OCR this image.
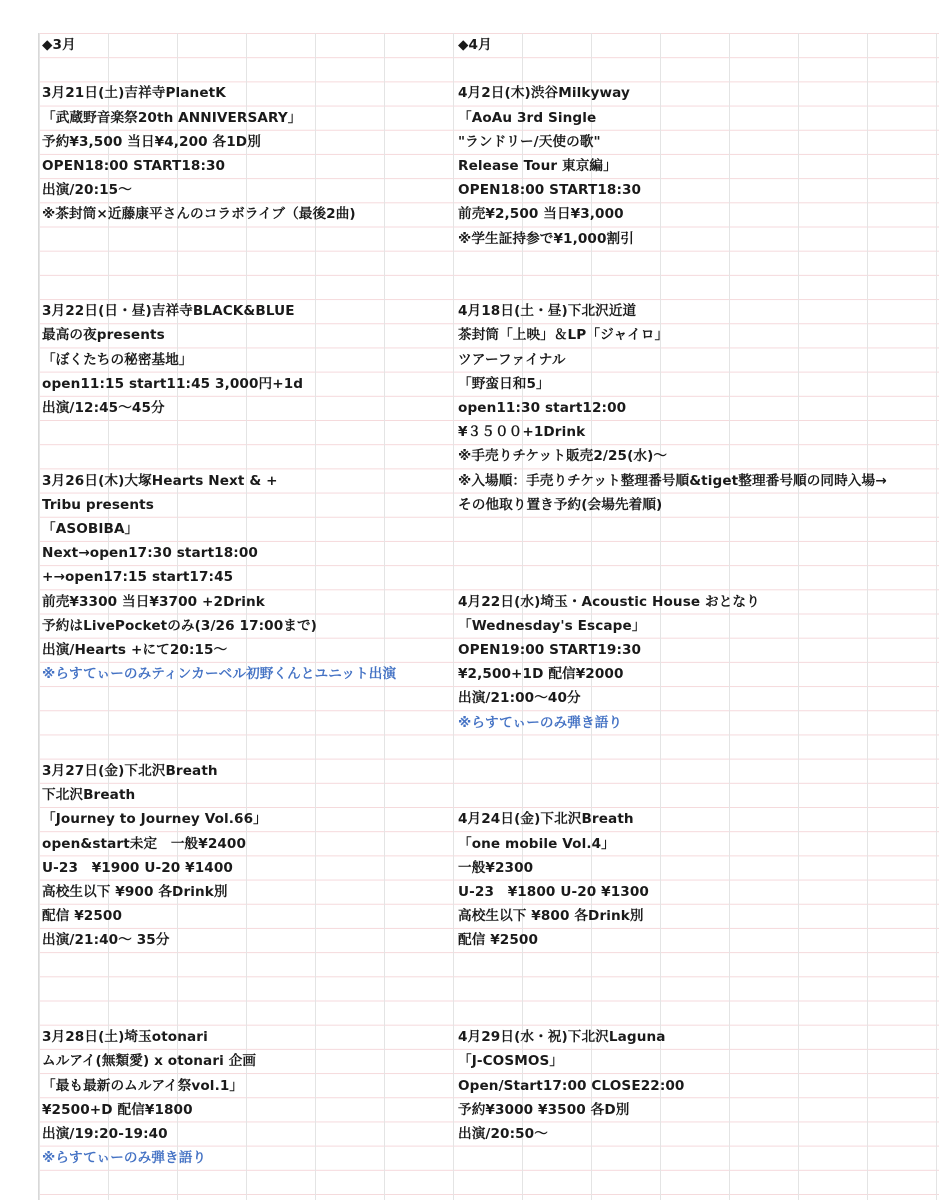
◆3月
3月21日(土)吉祥寺PlanetK
「武蔵野音楽祭20th ANNIVERSARY」
予約¥3,500 当日¥4,200 各1D別
OPEN18:00 START18:30
出演/20:15～
※茶封筒×近藤康平さんのコラボライブ（最後2曲)
3月22日(日・昼)吉祥寺BLACK&BLUE
最高の夜presents
「ぼくたちの秘密基地」
open11:15 start11:45 3,000円+1d
出演/12:45～45分
3月26日(木)大塚Hearts Next & +
Tribu presents
「ASOBIBA」
Next→open17:30 start18:00
+→open17:15 start17:45
前売¥3300 当日¥3700 +2Drink
予約はLivePocketのみ(3/26 17:00まで)
出演/Hearts +にて20:15～
※らすてぃーのみティンカーベル初野くんとユニット出演
3月27日(金)下北沢Breath
下北沢Breath
「Journey to Journey Vol.66」
open&start未定　一般¥2400
U-23　¥1900 U-20 ¥1400
高校生以下 ¥900 各Drink別
配信 ¥2500
出演/21:40～ 35分
3月28日(土)埼玉otonari
ムルアイ(無類愛) x otonari 企画
「最も最新のムルアイ祭vol.1」
¥2500+D 配信¥1800
出演/19:20-19:40
※らすてぃーのみ弾き語り
◆4月
4月2日(木)渋谷Milkyway
「AoAu 3rd Single
"ランドリー/天使の歌"
Release Tour 東京編」
OPEN18:00 START18:30
前売¥2,500 当日¥3,000
※学生証持参で¥1,000割引
4月18日(土・昼)下北沢近道
茶封筒「上映」＆LP「ジャイロ」
ツアーファイナル
「野蛮日和5」
open11:30 start12:00
¥３５００+1Drink
※手売りチケット販売2/25(水)～
※入場順：手売りチケット整理番号順&tiget整理番号順の同時入場→
その他取り置き予約(会場先着順)
4月22日(水)埼玉・Acoustic House おとなり
「Wednesday's Escape」
OPEN19:00 START19:30
¥2,500+1D 配信¥2000
出演/21:00～40分
※らすてぃーのみ弾き語り
4月24日(金)下北沢Breath
「one mobile Vol.4」
一般¥2300
U-23　¥1800 U-20 ¥1300
高校生以下 ¥800 各Drink別
配信 ¥2500
4月29日(水・祝)下北沢Laguna
「J-COSMOS」
Open/Start17:00 CLOSE22:00
予約¥3000 ¥3500 各D別
出演/20:50～
